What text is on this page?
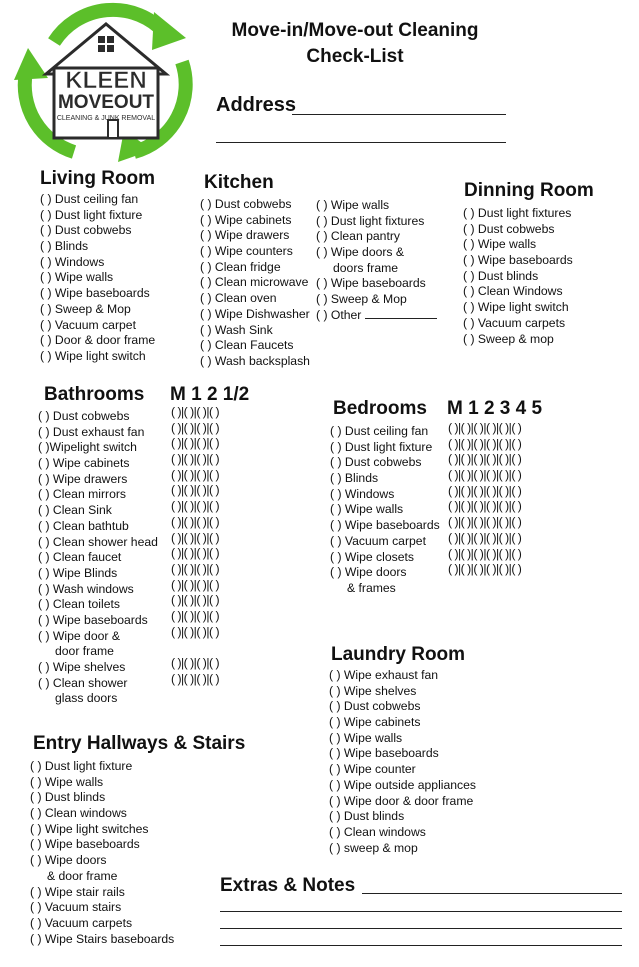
KLEEN
MOVEOUT
CLEANING & JUNK REMOVAL
Move-in/Move-out Cleaning
Check-List
Address
Living Room
( ) Dust ceiling fan
( ) Dust light fixture
( ) Dust cobwebs
( ) Blinds
( ) Windows
( ) Wipe walls
( ) Wipe baseboards
( ) Sweep & Mop
( ) Vacuum carpet
( ) Door & door frame
( ) Wipe light switch
Kitchen
( ) Dust cobwebs
( ) Wipe cabinets
( ) Wipe drawers
( ) Wipe counters
( ) Clean fridge
( ) Clean microwave
( ) Clean oven
( ) Wipe Dishwasher
( ) Wash Sink
( ) Clean Faucets
( ) Wash backsplash
( ) Wipe walls
( ) Dust light fixtures
( ) Clean pantry
( ) Wipe doors &
doors frame
( ) Wipe baseboards
( ) Sweep & Mop
( ) Other
Dinning Room
( ) Dust light fixtures
( ) Dust cobwebs
( ) Wipe walls
( ) Wipe baseboards
( ) Dust blinds
( ) Clean Windows
( ) Wipe light switch
( ) Vacuum carpets
( ) Sweep & mop
Bathrooms M 1 2 1/2
( ) Dust cobwebs
( ) Dust exhaust fan
( )Wipelight switch
( ) Wipe cabinets
( ) Wipe drawers
( ) Clean mirrors
( ) Clean Sink
( ) Clean bathtub
( ) Clean shower head
( ) Clean faucet
( ) Wipe Blinds
( ) Wash windows
( ) Clean toilets
( ) Wipe baseboards
( ) Wipe door &
door frame
( ) Wipe shelves
( ) Clean shower
glass doors
( )|( )|( )|( )
( )|( )|( )|( )
( )|( )|( )|( )
( )|( )|( )|( )
( )|( )|( )|( )
( )|( )|( )|( )
( )|( )|( )|( )
( )|( )|( )|( )
( )|( )|( )|( )
( )|( )|( )|( )
( )|( )|( )|( )
( )|( )|( )|( )
( )|( )|( )|( )
( )|( )|( )|( )
( )|( )|( )|( )
( )|( )|( )|( )
( )|( )|( )|( )
Bedrooms M 1 2 3 4 5
( ) Dust ceiling fan
( ) Dust light fixture
( ) Dust cobwebs
( ) Blinds
( ) Windows
( ) Wipe walls
( ) Wipe baseboards
( ) Vacuum carpet
( ) Wipe closets
( ) Wipe doors
& frames
( )|( )|( )|( )|( )|( )
( )|( )|( )|( )|( )|( )
( )|( )|( )|( )|( )|( )
( )|( )|( )|( )|( )|( )
( )|( )|( )|( )|( )|( )
( )|( )|( )|( )|( )|( )
( )|( )|( )|( )|( )|( )
( )|( )|( )|( )|( )|( )
( )|( )|( )|( )|( )|( )
( )|( )|( )|( )|( )|( )
Laundry Room
( ) Wipe exhaust fan
( ) Wipe shelves
( ) Dust cobwebs
( ) Wipe cabinets
( ) Wipe walls
( ) Wipe baseboards
( ) Wipe counter
( ) Wipe outside appliances
( ) Wipe door & door frame
( ) Dust blinds
( ) Clean windows
( ) sweep & mop
Entry Hallways & Stairs
( ) Dust light fixture
( ) Wipe walls
( ) Dust blinds
( ) Clean windows
( ) Wipe light switches
( ) Wipe baseboards
( ) Wipe doors
& door frame
( ) Wipe stair rails
( ) Vacuum stairs
( ) Vacuum carpets
( ) Wipe Stairs baseboards
Extras & Notes
